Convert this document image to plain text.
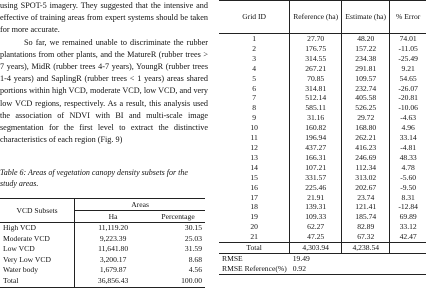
using SPOT-5 imagery. They suggested that the intensive and effective of training areas from expert systems should be taken for more accurate.

So far, we remained unable to discriminate the rubber plantations from other plants, and the MatureR (rubber trees > 7 years), MidR (rubber trees 4-7 years), YoungR (rubber trees 1-4 years) and SaplingR (rubber trees < 1 years) areas shared portions within high VCD, moderate VCD, low VCD, and very low VCD regions, respectively. As a result, this analysis used the association of NDVI with BI and multi-scale image segmentation for the first level to extract the distinctive characteristics of each region (Fig. 9)

Table 6: Areas of vegetation canopy density subsets for the study areas.
VCD Subsets	Areas	
	Ha	Percentage
High VCD	11,119.20	30.15
Moderate VCD	9,223.39	25.03
Low VCD	11,641.80	31.59
Very Low VCD	3,200.17	8.68
Water body	1,679.87	4.56
Total	36,856.43	100.00
Grid ID	Reference (ha)	Estimate (ha)	% Error
1	27.70	48.20	74.01
2	176.75	157.22	-11.05
3	314.55	234.38	-25.49
4	267.21	291.81	9.21
5	70.85	109.57	54.65
6	314.81	232.74	-26.07
7	512.14	405.58	-20.81
8	585.11	526.25	-10.06
9	31.16	29.72	-4.63
10	160.82	168.80	4.96
11	196.94	262.21	33.14
12	437.27	416.23	-4.81
13	166.31	246.69	48.33
14	107.21	112.34	4.78
15	331.57	313.02	-5.60
16	225.46	202.67	-9.50
17	21.91	23.74	8.31
18	139.31	121.41	-12.84
19	109.33	185.74	69.89
20	62.27	82.89	33.12
21	47.25	67.32	42.47
Total	4,303.94	4,238.54	
RMSE	19.49		
RMSE Reference(%)	0.92		
